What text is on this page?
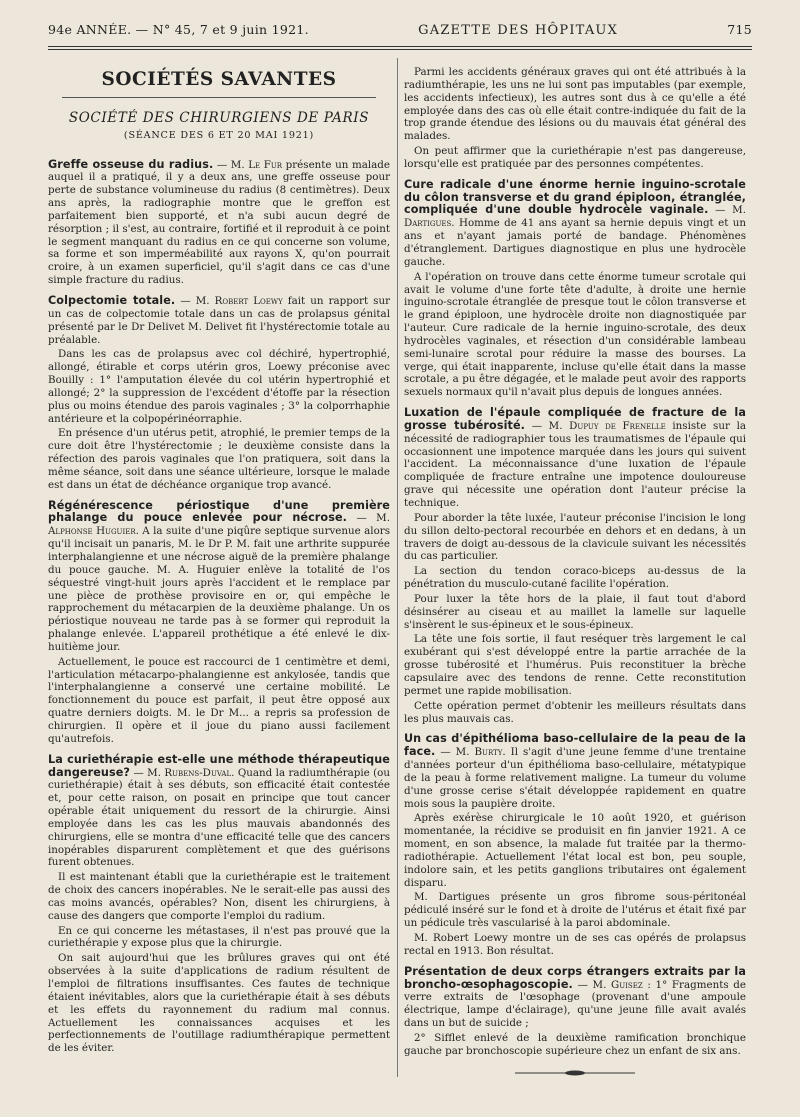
94e ANNÉE. — N° 45, 7 et 9 juin 1921.	GAZETTE DES HÔPITAUX	715
SOCIÉTÉS SAVANTES
SOCIÉTÉ DES CHIRURGIENS DE PARIS
(SÉANCE DES 6 ET 20 MAI 1921)

Greffe osseuse du radius. — M. Le Fur présente un malade auquel il a pratiqué, il y a deux ans, une greffe osseuse pour perte de substance volumineuse du radius (8 centimètres). Deux ans après, la radiographie montre que le greffon est parfaitement bien supporté, et n'a subi aucun degré de résorption ; il s'est, au contraire, fortifié et il reproduit à ce point le segment manquant du radius en ce qui concerne son volume, sa forme et son imperméabilité aux rayons X, qu'on pourrait croire, à un examen superficiel, qu'il s'agit dans ce cas d'une simple fracture du radius.

Colpectomie totale. — M. Robert Loewy fait un rapport sur un cas de colpectomie totale dans un cas de prolapsus génital présenté par le Dr Delivet M. Delivet fit l'hystérectomie totale au préalable.

Dans les cas de prolapsus avec col déchiré, hypertrophié, allongé, étirable et corps utérin gros, Loewy préconise avec Bouilly : 1° l'amputation élevée du col utérin hypertrophié et allongé; 2° la suppression de l'excédent d'étoffe par la résection plus ou moins étendue des parois vaginales ; 3° la colporrhaphie antérieure et la colpopérinéorraphie.

En présence d'un utérus petit, atrophié, le premier temps de la cure doit être l'hystérectomie ; le deuxième consiste dans la réfection des parois vaginales que l'on pratiquera, soit dans la même séance, soit dans une séance ultérieure, lorsque le malade est dans un état de déchéance organique trop avancé.

Régénérescence périostique d'une première phalange du pouce enlevée pour nécrose. — M. Alphonse Huguier. A la suite d'une piqûre septique survenue alors qu'il incisait un panaris, M. le Dr P. M. fait une arthrite suppurée interphalangienne et une nécrose aiguë de la première phalange du pouce gauche. M. A. Huguier enlève la totalité de l'os séquestré vingt-huit jours après l'accident et le remplace par une pièce de prothèse provisoire en or, qui empêche le rapprochement du métacarpien de la deuxième phalange. Un os périostique nouveau ne tarde pas à se former qui reproduit la phalange enlevée. L'appareil prothétique a été enlevé le dix-huitième jour.

Actuellement, le pouce est raccourci de 1 centimètre et demi, l'articulation métacarpo-phalangienne est ankylosée, tandis que l'interphalangienne a conservé une certaine mobilité. Le fonctionnement du pouce est parfait, il peut être opposé aux quatre derniers doigts. M. le Dr M... a repris sa profession de chirurgien. Il opère et il joue du piano aussi facilement qu'autrefois.

La curiethérapie est-elle une méthode thérapeutique dangereuse? — M. Rubens-Duval. Quand la radiumthérapie (ou curiethérapie) était à ses débuts, son efficacité était contestée et, pour cette raison, on posait en principe que tout cancer opérable était uniquement du ressort de la chirurgie. Ainsi employée dans les cas les plus mauvais abandonnés des chirurgiens, elle se montra d'une efficacité telle que des cancers inopérables disparurent complètement et que des guérisons furent obtenues.

Il est maintenant établi que la curiethérapie est le traitement de choix des cancers inopérables. Ne le serait-elle pas aussi des cas moins avancés, opérables? Non, disent les chirurgiens, à cause des dangers que comporte l'emploi du radium.

En ce qui concerne les métastases, il n'est pas prouvé que la curiethérapie y expose plus que la chirurgie.

On sait aujourd'hui que les brûlures graves qui ont été observées à la suite d'applications de radium résultent de l'emploi de filtrations insuffisantes. Ces fautes de technique étaient inévitables, alors que la curiethérapie était à ses débuts et les effets du rayonnement du radium mal connus. Actuellement les connaissances acquises et les perfectionnements de l'outillage radiumthérapique permettent de les éviter.

Parmi les accidents généraux graves qui ont été attribués à la radiumthérapie, les uns ne lui sont pas imputables (par exemple, les accidents infectieux), les autres sont dus à ce qu'elle a été employée dans des cas où elle était contre-indiquée du fait de la trop grande étendue des lésions ou du mauvais état général des malades.

On peut affirmer que la curiethérapie n'est pas dangereuse, lorsqu'elle est pratiquée par des personnes compétentes.

Cure radicale d'une énorme hernie inguino-scrotale du côlon transverse et du grand épiploon, étranglée, compliquée d'une double hydrocèle vaginale. — M. Dartigues. Homme de 41 ans ayant sa hernie depuis vingt et un ans et n'ayant jamais porté de bandage. Phénomènes d'étranglement. Dartigues diagnostique en plus une hydrocèle gauche.

A l'opération on trouve dans cette énorme tumeur scrotale qui avait le volume d'une forte tête d'adulte, à droite une hernie inguino-scrotale étranglée de presque tout le côlon transverse et le grand épiploon, une hydrocèle droite non diagnostiquée par l'auteur. Cure radicale de la hernie inguino-scrotale, des deux hydrocèles vaginales, et résection d'un considérable lambeau semi-lunaire scrotal pour réduire la masse des bourses. La verge, qui était inapparente, incluse qu'elle était dans la masse scrotale, a pu être dégagée, et le malade peut avoir des rapports sexuels normaux qu'il n'avait plus depuis de longues années.

Luxation de l'épaule compliquée de fracture de la grosse tubérosité. — M. Dupuy de Frenelle insiste sur la nécessité de radiographier tous les traumatismes de l'épaule qui occasionnent une impotence marquée dans les jours qui suivent l'accident. La méconnaissance d'une luxation de l'épaule compliquée de fracture entraîne une impotence douloureuse grave qui nécessite une opération dont l'auteur précise la technique.

Pour aborder la tête luxée, l'auteur préconise l'incision le long du sillon delto-pectoral recourbée en dehors et en dedans, à un travers de doigt au-dessous de la clavicule suivant les nécessités du cas particulier.

La section du tendon coraco-biceps au-dessus de la pénétration du musculo-cutané facilite l'opération.

Pour luxer la tête hors de la plaie, il faut tout d'abord désinsérer au ciseau et au maillet la lamelle sur laquelle s'insèrent le sus-épineux et le sous-épineux.

La tête une fois sortie, il faut reséquer très largement le cal exubérant qui s'est développé entre la partie arrachée de la grosse tubérosité et l'humérus. Puis reconstituer la brèche capsulaire avec des tendons de renne. Cette reconstitution permet une rapide mobilisation.

Cette opération permet d'obtenir les meilleurs résultats dans les plus mauvais cas.

Un cas d'épithélioma baso-cellulaire de la peau de la face. — M. Burty. Il s'agit d'une jeune femme d'une trentaine d'années porteur d'un épithélioma baso-cellulaire, métatypique de la peau à forme relativement maligne. La tumeur du volume d'une grosse cerise s'était développée rapidement en quatre mois sous la paupière droite.

Après exérèse chirurgicale le 10 août 1920, et guérison momentanée, la récidive se produisit en fin janvier 1921. A ce moment, en son absence, la malade fut traitée par la thermo-radiothérapie. Actuellement l'état local est bon, peu souple, indolore sain, et les petits ganglions tributaires ont également disparu.

M. Dartigues présente un gros fibrome sous-péritonéal pédiculé inséré sur le fond et à droite de l'utérus et était fixé par un pédicule très vascularisé à la paroi abdominale.

M. Robert Loewy montre un de ses cas opérés de prolapsus rectal en 1913. Bon résultat.

Présentation de deux corps étrangers extraits par la broncho-œsophagoscopie. — M. Guisez : 1° Fragments de verre extraits de l'œsophage (provenant d'une ampoule électrique, lampe d'éclairage), qu'une jeune fille avait avalés dans un but de suicide ;

2° Sifflet enlevé de la deuxième ramification bronchique gauche par bronchoscopie supérieure chez un enfant de six ans.
